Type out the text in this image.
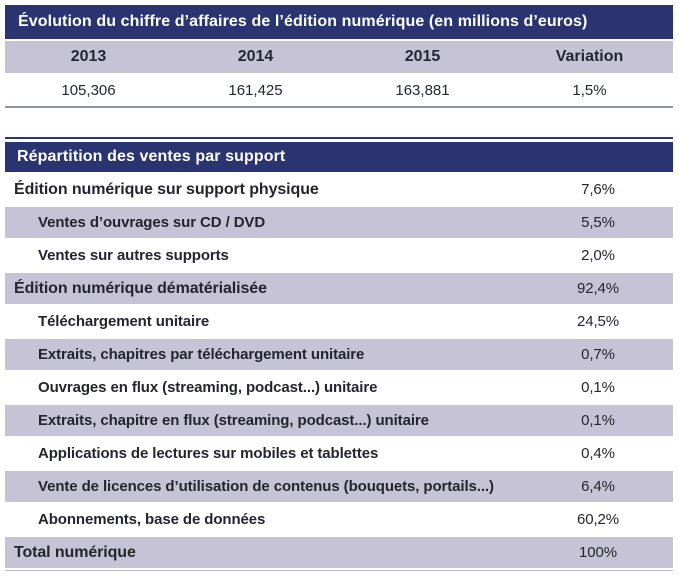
Évolution du chiffre d’affaires de l’édition numérique (en millions d’euros)
2013	2014	2015	Variation
105,306	161,425	163,881	1,5%
Répartition des ventes par support
Édition numérique sur support physique	7,6%
Ventes d’ouvrages sur CD / DVD	5,5%
Ventes sur autres supports	2,0%
Édition numérique dématérialisée	92,4%
Téléchargement unitaire	24,5%
Extraits, chapitres par téléchargement unitaire	0,7%
Ouvrages en flux (streaming, podcast...) unitaire	0,1%
Extraits, chapitre en flux (streaming, podcast...) unitaire	0,1%
Applications de lectures sur mobiles et tablettes	0,4%
Vente de licences d’utilisation de contenus (bouquets, portails...)	6,4%
Abonnements, base de données	60,2%
Total numérique	100%
